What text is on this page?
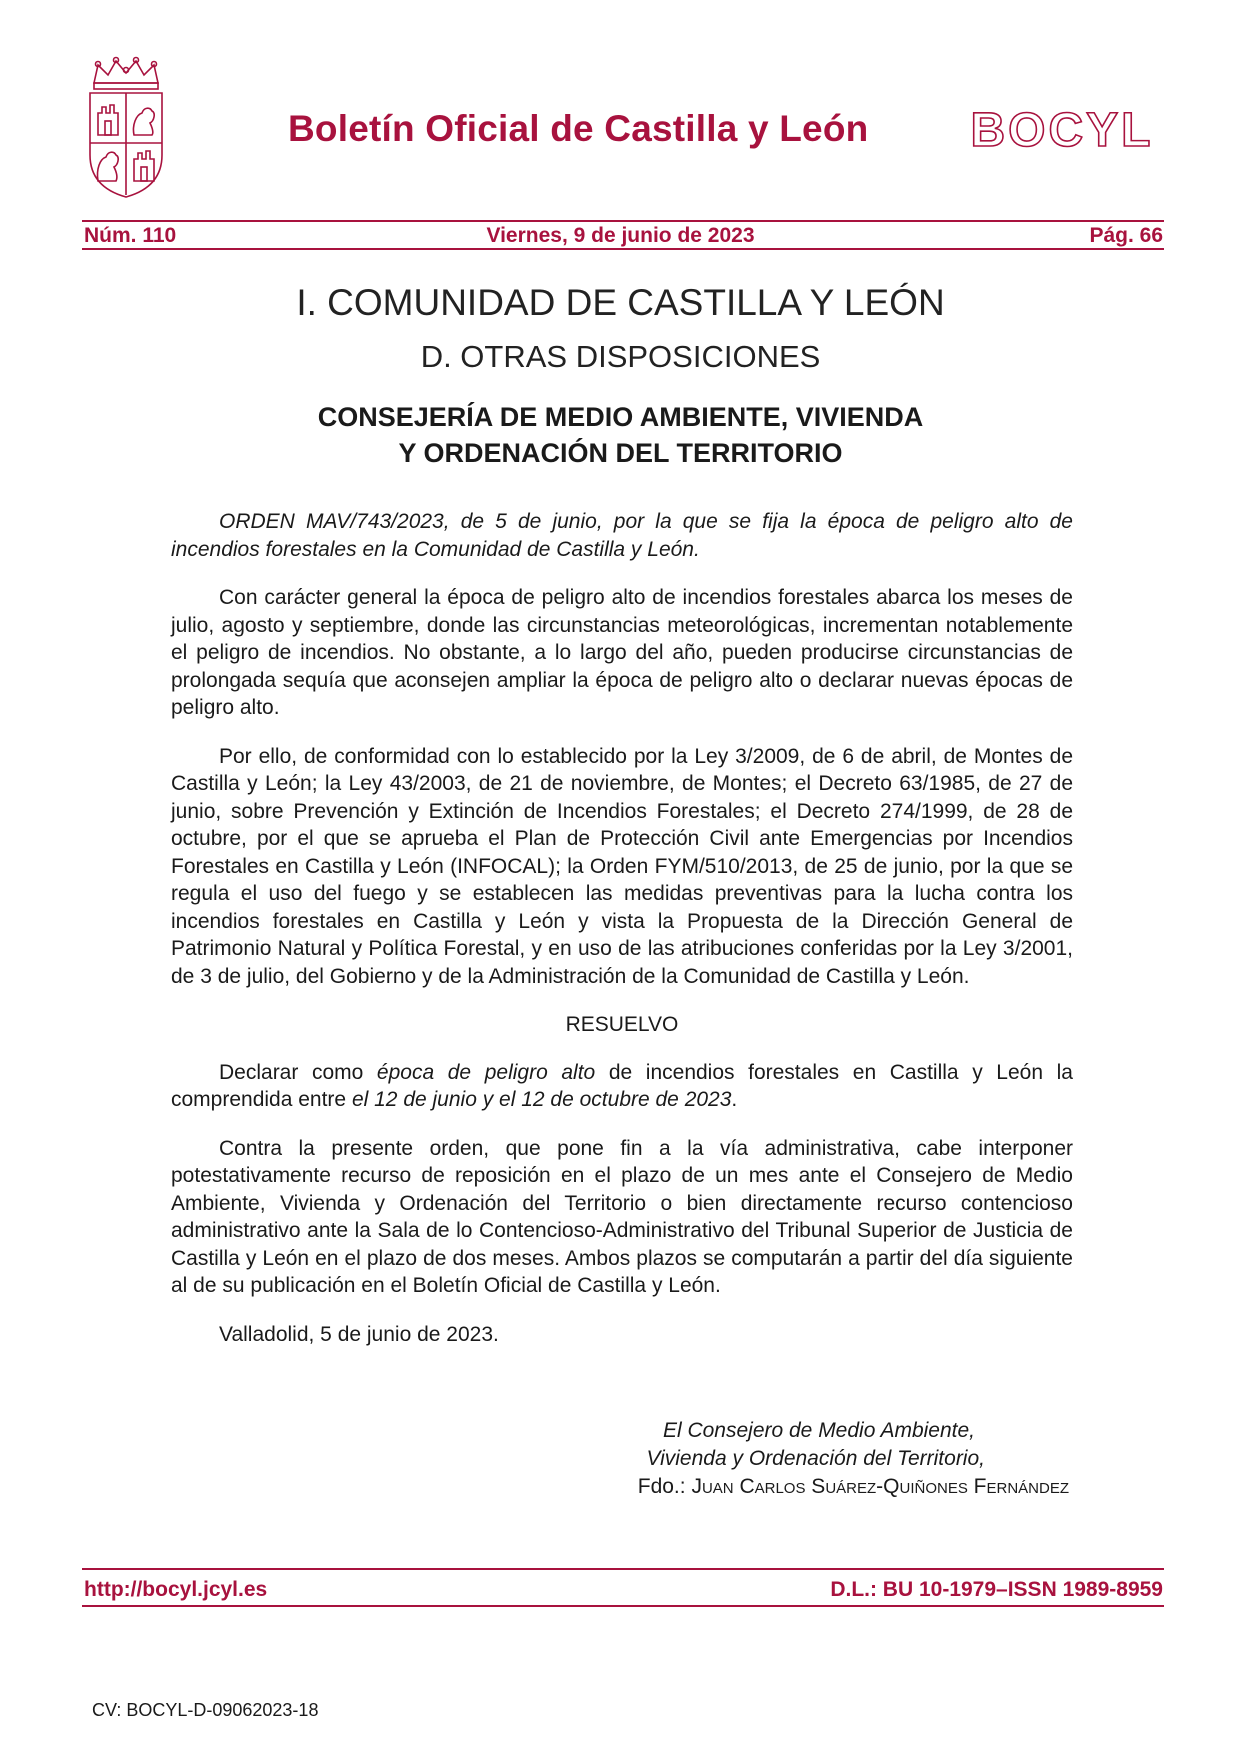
Boletín Oficial de Castilla y León BOCYL
Núm. 110	Viernes, 9 de junio de 2023	Pág. 66
I. COMUNIDAD DE CASTILLA Y LEÓN
D. OTRAS DISPOSICIONES
CONSEJERÍA DE MEDIO AMBIENTE, VIVIENDA
Y ORDENACIÓN DEL TERRITORIO

ORDEN MAV/743/2023, de 5 de junio, por la que se fija la época de peligro alto de incendios forestales en la Comunidad de Castilla y León.

Con carácter general la época de peligro alto de incendios forestales abarca los meses de julio, agosto y septiembre, donde las circunstancias meteorológicas, incrementan notablemente el peligro de incendios. No obstante, a lo largo del año, pueden producirse circunstancias de prolongada sequía que aconsejen ampliar la época de peligro alto o declarar nuevas épocas de peligro alto.

Por ello, de conformidad con lo establecido por la Ley 3/2009, de 6 de abril, de Montes de Castilla y León; la Ley 43/2003, de 21 de noviembre, de Montes; el Decreto 63/1985, de 27 de junio, sobre Prevención y Extinción de Incendios Forestales; el Decreto 274/1999, de 28 de octubre, por el que se aprueba el Plan de Protección Civil ante Emergencias por Incendios Forestales en Castilla y León (INFOCAL); la Orden FYM/510/2013, de 25 de junio, por la que se regula el uso del fuego y se establecen las medidas preventivas para la lucha contra los incendios forestales en Castilla y León y vista la Propuesta de la Dirección General de Patrimonio Natural y Política Forestal, y en uso de las atribuciones conferidas por la Ley 3/2001, de 3 de julio, del Gobierno y de la Administración de la Comunidad de Castilla y León.

RESUELVO

Declarar como época de peligro alto de incendios forestales en Castilla y León la comprendida entre el 12 de junio y el 12 de octubre de 2023.

Contra la presente orden, que pone fin a la vía administrativa, cabe interponer potestativamente recurso de reposición en el plazo de un mes ante el Consejero de Medio Ambiente, Vivienda y Ordenación del Territorio o bien directamente recurso contencioso administrativo ante la Sala de lo Contencioso-Administrativo del Tribunal Superior de Justicia de Castilla y León en el plazo de dos meses. Ambos plazos se computarán a partir del día siguiente al de su publicación en el Boletín Oficial de Castilla y León.

Valladolid, 5 de junio de 2023.

El Consejero de Medio Ambiente,
Vivienda y Ordenación del Territorio,
Fdo.: Juan Carlos Suárez-Quiñones Fernández
http://bocyl.jcyl.es	D.L.: BU 10-1979–ISSN 1989-8959
CV: BOCYL-D-09062023-18
